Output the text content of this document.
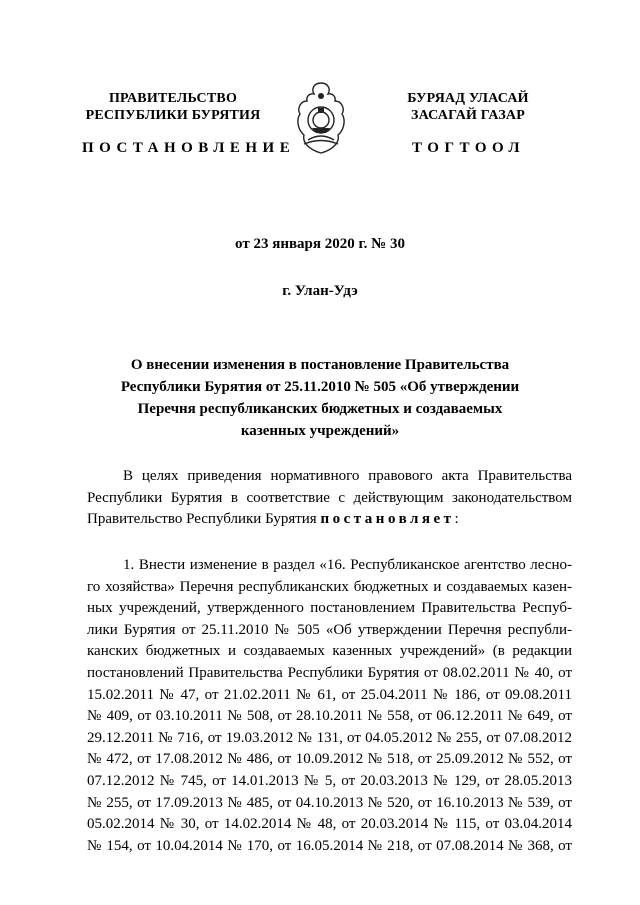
ПРАВИТЕЛЬСТВО
РЕСПУБЛИКИ БУРЯТИЯ
БУРЯАД УЛАСАЙ
ЗАСАГАЙ ГАЗАР
ПОСТАНОВЛЕНИЕ	ТОГТООЛ
от 23 января 2020 г. № 30
г. Улан-Удэ
О внесении изменения в постановление Правительства
Республики Бурятия от 25.11.2010 № 505 «Об утверждении
Перечня республиканских бюджетных и создаваемых
казенных учреждений»
В целях приведения нормативного правового акта Правительства
Республики Бурятия в соответствие с действующим законодательством
Правительство Республики Бурятия постановляет:
1. Внести изменение в раздел «16. Республиканское агентство лесно-
го хозяйства» Перечня республиканских бюджетных и создаваемых казен-
ных учреждений, утвержденного постановлением Правительства Респуб-
лики Бурятия от 25.11.2010 № 505 «Об утверждении Перечня республи-
канских бюджетных и создаваемых казенных учреждений» (в редакции
постановлений Правительства Республики Бурятия от 08.02.2011 № 40, от
15.02.2011 № 47, от 21.02.2011 № 61, от 25.04.2011 № 186, от 09.08.2011
№ 409, от 03.10.2011 № 508, от 28.10.2011 № 558, от 06.12.2011 № 649, от
29.12.2011 № 716, от 19.03.2012 № 131, от 04.05.2012 № 255, от 07.08.2012
№ 472, от 17.08.2012 № 486, от 10.09.2012 № 518, от 25.09.2012 № 552, от
07.12.2012 № 745, от 14.01.2013 № 5, от 20.03.2013 № 129, от 28.05.2013
№ 255, от 17.09.2013 № 485, от 04.10.2013 № 520, от 16.10.2013 № 539, от
05.02.2014 № 30, от 14.02.2014 № 48, от 20.03.2014 № 115, от 03.04.2014
№ 154, от 10.04.2014 № 170, от 16.05.2014 № 218, от 07.08.2014 № 368, от
